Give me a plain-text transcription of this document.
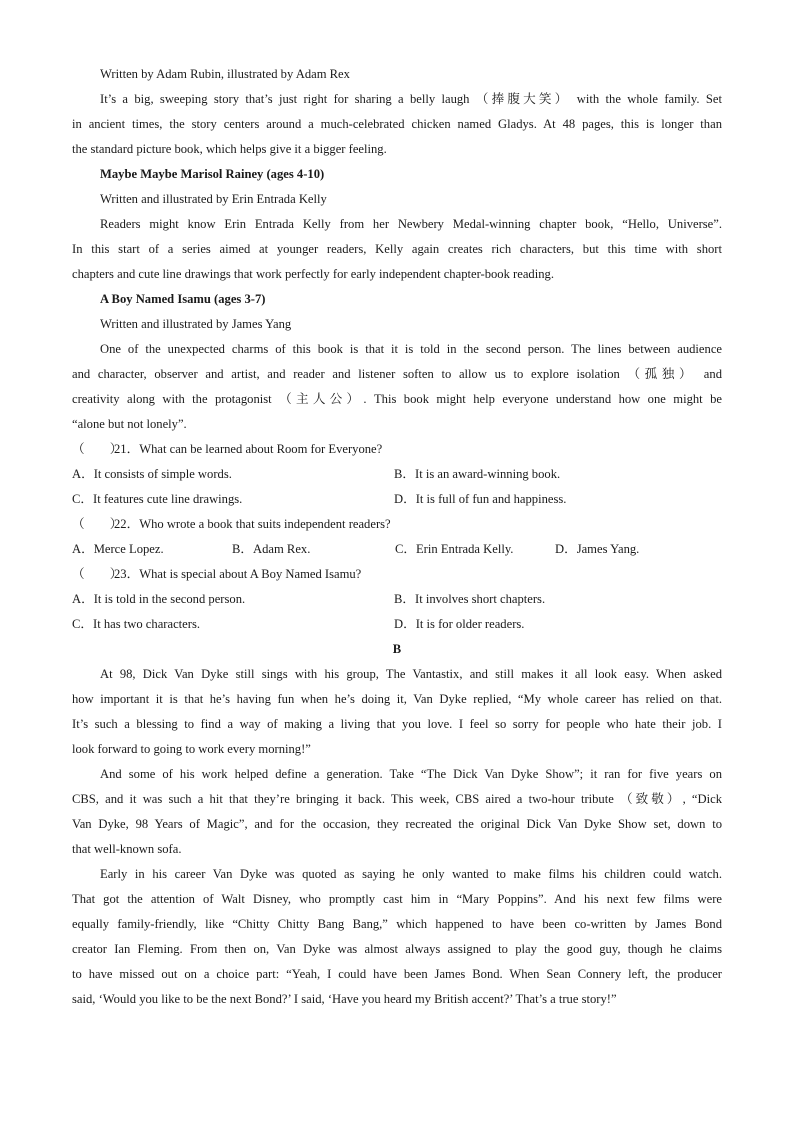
Written by Adam Rubin, illustrated by Adam Rex
It’s a big, sweeping story that’s just right for sharing a belly laugh （捧腹大笑） with the whole family. Set
in ancient times, the story centers around a much-celebrated chicken named Gladys. At 48 pages, this is longer than
the standard picture book, which helps give it a bigger feeling.
Maybe Maybe Marisol Rainey (ages 4-10)
Written and illustrated by Erin Entrada Kelly
Readers might know Erin Entrada Kelly from her Newbery Medal-winning chapter book, “Hello, Universe”.
In this start of a series aimed at younger readers, Kelly again creates rich characters, but this time with short
chapters and cute line drawings that work perfectly for early independent chapter-book reading.
A Boy Named Isamu (ages 3-7)
Written and illustrated by James Yang
One of the unexpected charms of this book is that it is told in the second person. The lines between audience
and character, observer and artist, and reader and listener soften to allow us to explore isolation （孤独） and
creativity along with the protagonist （主人公）. This book might help everyone understand how one might be
“alone but not lonely”.
（　　）21．What can be learned about Room for Everyone?
A．It consists of simple words.	B．It is an award-winning book.
C．It features cute line drawings.	D．It is full of fun and happiness.
（　　）22．Who wrote a book that suits independent readers?
A．Merce Lopez.	B．Adam Rex.	C．Erin Entrada Kelly.	D．James Yang.
（　　）23．What is special about A Boy Named Isamu?
A．It is told in the second person.	B．It involves short chapters.
C．It has two characters.	D．It is for older readers.
B
At 98, Dick Van Dyke still sings with his group, The Vantastix, and still makes it all look easy. When asked
how important it is that he’s having fun when he’s doing it, Van Dyke replied, “My whole career has relied on that.
It’s such a blessing to find a way of making a living that you love. I feel so sorry for people who hate their job. I
look forward to going to work every morning!”
And some of his work helped define a generation. Take “The Dick Van Dyke Show”; it ran for five years on
CBS, and it was such a hit that they’re bringing it back. This week, CBS aired a two-hour tribute （致敬）, “Dick
Van Dyke, 98 Years of Magic”, and for the occasion, they recreated the original Dick Van Dyke Show set, down to
that well-known sofa.
Early in his career Van Dyke was quoted as saying he only wanted to make films his children could watch.
That got the attention of Walt Disney, who promptly cast him in “Mary Poppins”. And his next few films were
equally family-friendly, like “Chitty Chitty Bang Bang,” which happened to have been co-written by James Bond
creator Ian Fleming. From then on, Van Dyke was almost always assigned to play the good guy, though he claims
to have missed out on a choice part: “Yeah, I could have been James Bond. When Sean Connery left, the producer
said, ‘Would you like to be the next Bond?’ I said, ‘Have you heard my British accent?’ That’s a true story!”
